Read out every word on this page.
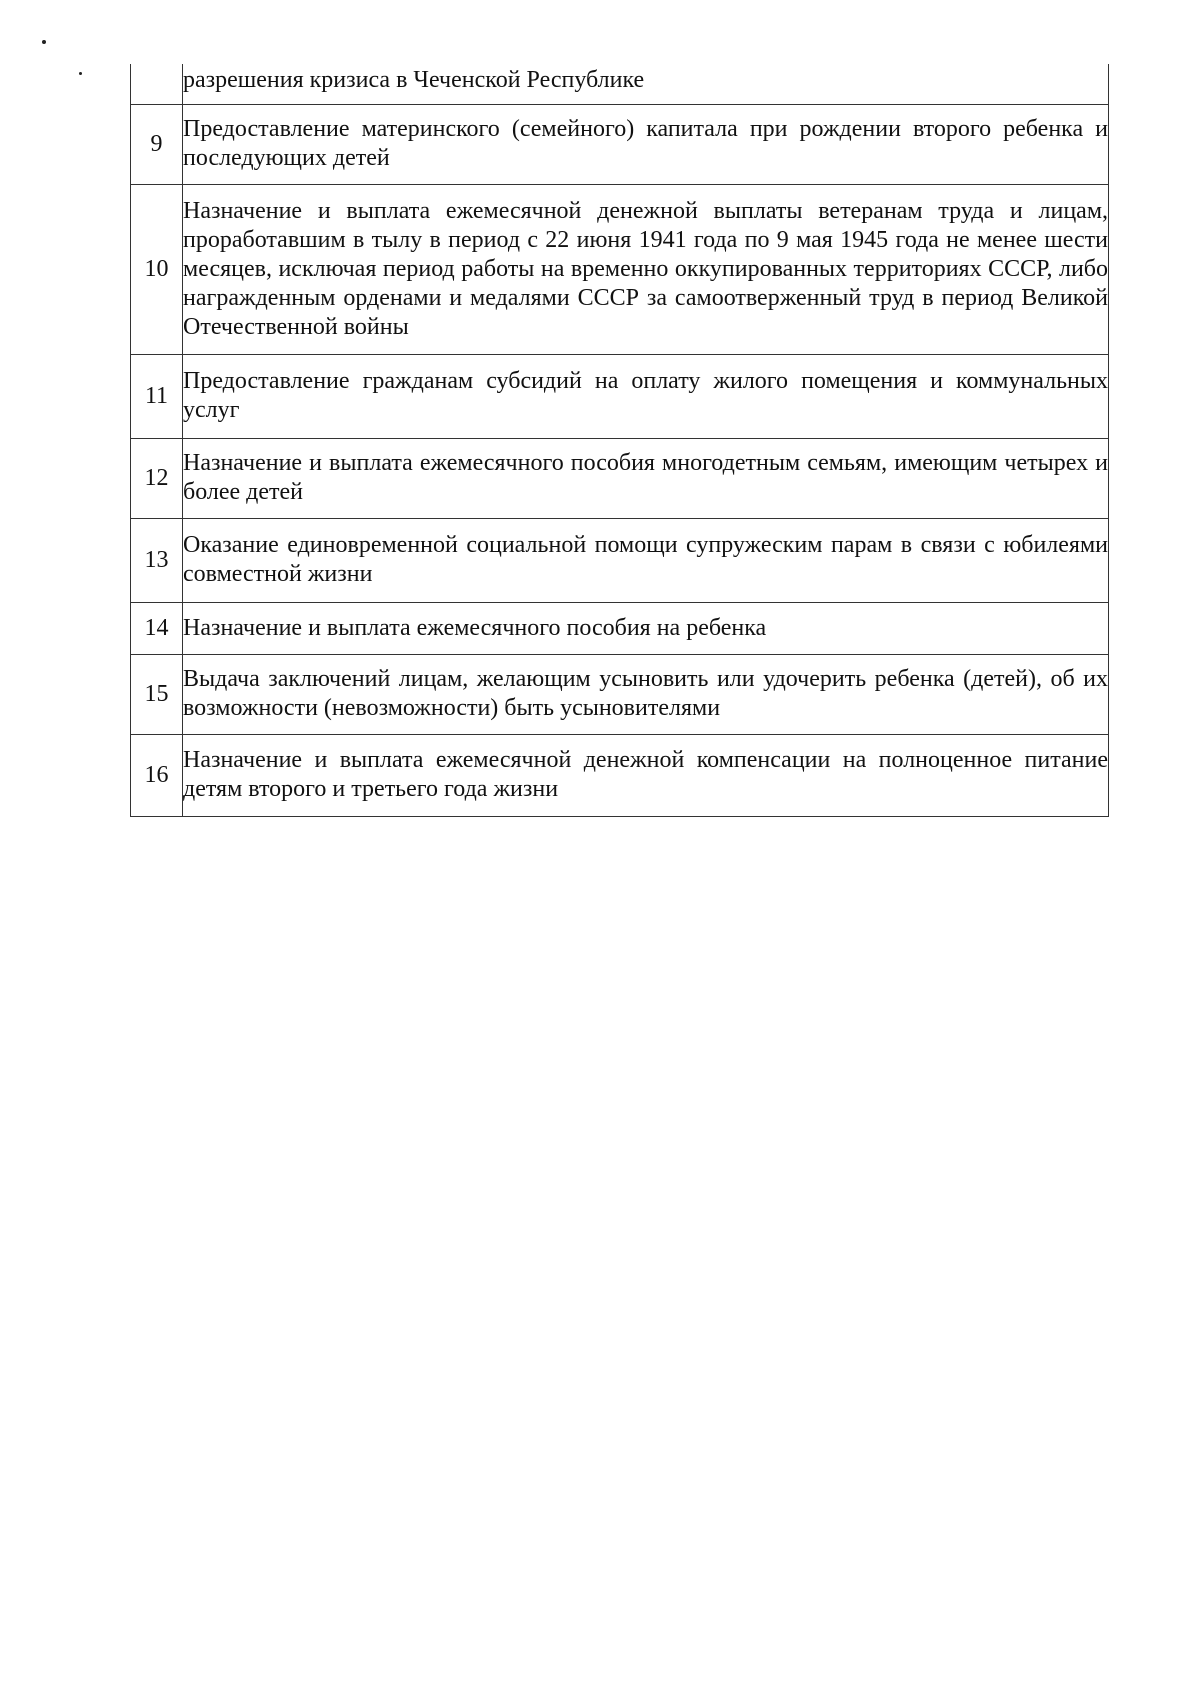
	разрешения кризиса в Чеченской Республике
9	Предоставление материнского (семейного) капитала при рождении второго ребенка и последующих детей
10	Назначение и выплата ежемесячной денежной выплаты ветеранам труда и лицам, проработавшим в тылу в период с 22 июня 1941 года по 9 мая 1945 года не менее шести месяцев, исключая период работы на временно оккупированных территориях СССР, либо награжденным орденами и медалями СССР за самоотверженный труд в период Великой Отечественной войны
11	Предоставление гражданам субсидий на оплату жилого помещения и коммунальных услуг
12	Назначение и выплата ежемесячного пособия многодетным семьям, имеющим четырех и более детей
13	Оказание единовременной социальной помощи супружеским парам в связи с юбилеями совместной жизни
14	Назначение и выплата ежемесячного пособия на ребенка
15	Выдача заключений лицам, желающим усыновить или удочерить ребенка (детей), об их возможности (невозможности) быть усыновителями
16	Назначение и выплата ежемесячной денежной компенсации на полноценное питание детям второго и третьего года жизни
